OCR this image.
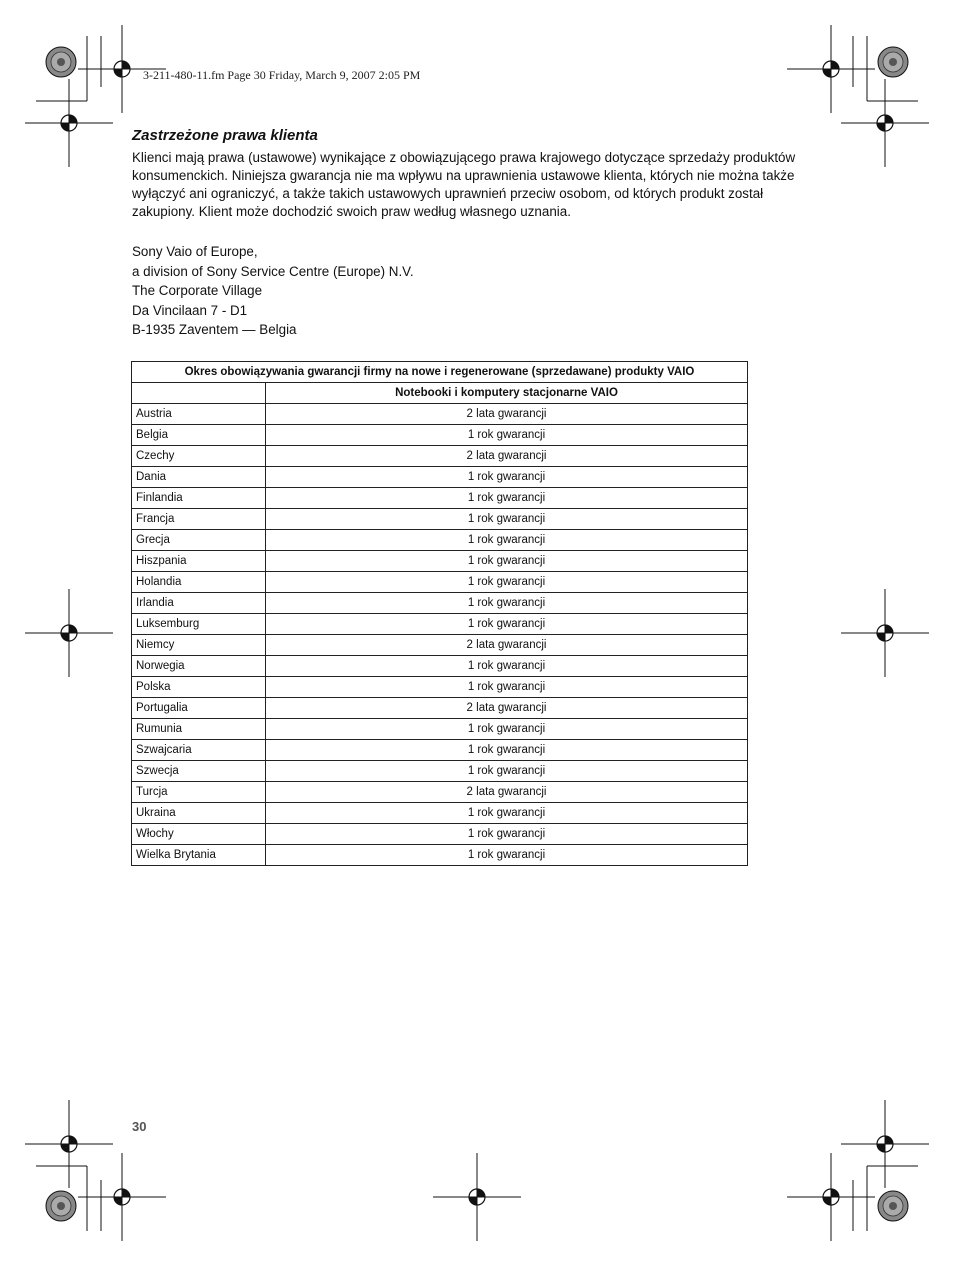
3-211-480-11.fm Page 30 Friday, March 9, 2007 2:05 PM
Zastrzeżone prawa klienta

Klienci mają prawa (ustawowe) wynikające z obowiązującego prawa krajowego dotyczące sprzedaży produktów konsumenckich. Niniejsza gwarancja nie ma wpływu na uprawnienia ustawowe klienta, których nie można także wyłączyć ani ograniczyć, a także takich ustawowych uprawnień przeciw osobom, od których produkt został zakupiony. Klient może dochodzić swoich praw według własnego uznania.

Sony Vaio of Europe,
a division of Sony Service Centre (Europe) N.V.
The Corporate Village
Da Vincilaan 7 - D1
B-1935 Zaventem — Belgia
Okres obowiązywania gwarancji firmy na nowe i regenerowane (sprzedawane) produkty VAIO	
	Notebooki i komputery stacjonarne VAIO
Austria	2 lata gwarancji
Belgia	1 rok gwarancji
Czechy	2 lata gwarancji
Dania	1 rok gwarancji
Finlandia	1 rok gwarancji
Francja	1 rok gwarancji
Grecja	1 rok gwarancji
Hiszpania	1 rok gwarancji
Holandia	1 rok gwarancji
Irlandia	1 rok gwarancji
Luksemburg	1 rok gwarancji
Niemcy	2 lata gwarancji
Norwegia	1 rok gwarancji
Polska	1 rok gwarancji
Portugalia	2 lata gwarancji
Rumunia	1 rok gwarancji
Szwajcaria	1 rok gwarancji
Szwecja	1 rok gwarancji
Turcja	2 lata gwarancji
Ukraina	1 rok gwarancji
Włochy	1 rok gwarancji
Wielka Brytania	1 rok gwarancji
30
